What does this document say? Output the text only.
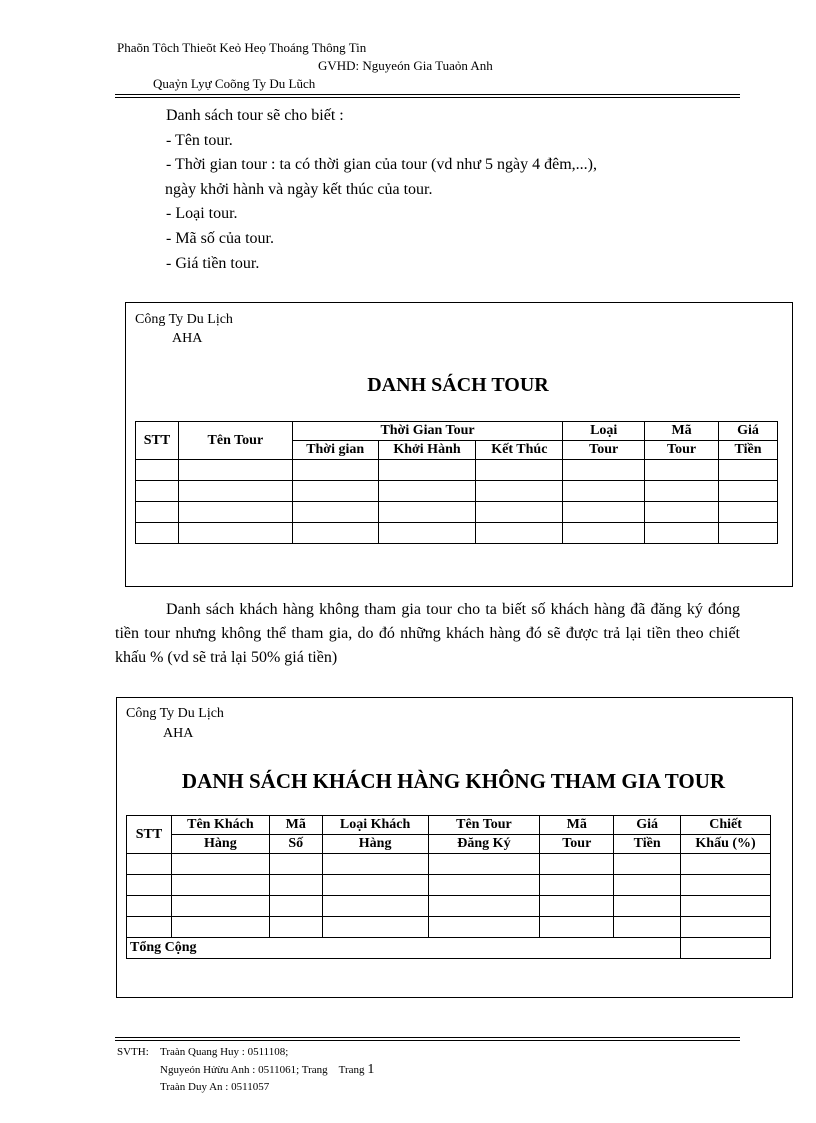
Phaõn Tôch Thieõt Keỏ Heọ Thoáng Thông Tin
GVHD: Nguyeón Gia Tuaỏn Anh
Quaỷn Lyự Coõng Ty Du Lũch
Danh sách tour sẽ cho biết :
- Tên tour.
- Thời gian tour : ta có thời gian của tour (vd như 5 ngày 4 đêm,...),
ngày khởi hành và ngày kết thúc của tour.
- Loại tour.
- Mã số của tour.
- Giá tiền tour.
Công Ty Du Lịch
AHA
DANH SÁCH TOUR
STT	Tên Tour	Thời Gian Tour			Loại	Mã	Giá
		Thời gian	Khởi Hành	Kết Thúc	Tour	Tour	Tiền

Danh sách khách hàng không tham gia tour cho ta biết số khách hàng đã đăng ký đóng tiền tour nhưng không thể tham gia, do đó những khách hàng đó sẽ được trả lại tiền theo chiết khấu % (vd sẽ trả lại 50% giá tiền)
Công Ty Du Lịch
AHA
DANH SÁCH KHÁCH HÀNG KHÔNG THAM GIA TOUR
STT	Tên Khách	Mã	Loại Khách	Tên Tour	Mã	Giá	Chiết
	Hàng	Số	Hàng	Đăng Ký	Tour	Tiền	Khấu (%)

Tổng Cộng							
SVTH: Traàn Quang Huy : 0511108;
Nguyeón Hửừu Anh : 0511061; Trang Trang 1
Traàn Duy An : 0511057
